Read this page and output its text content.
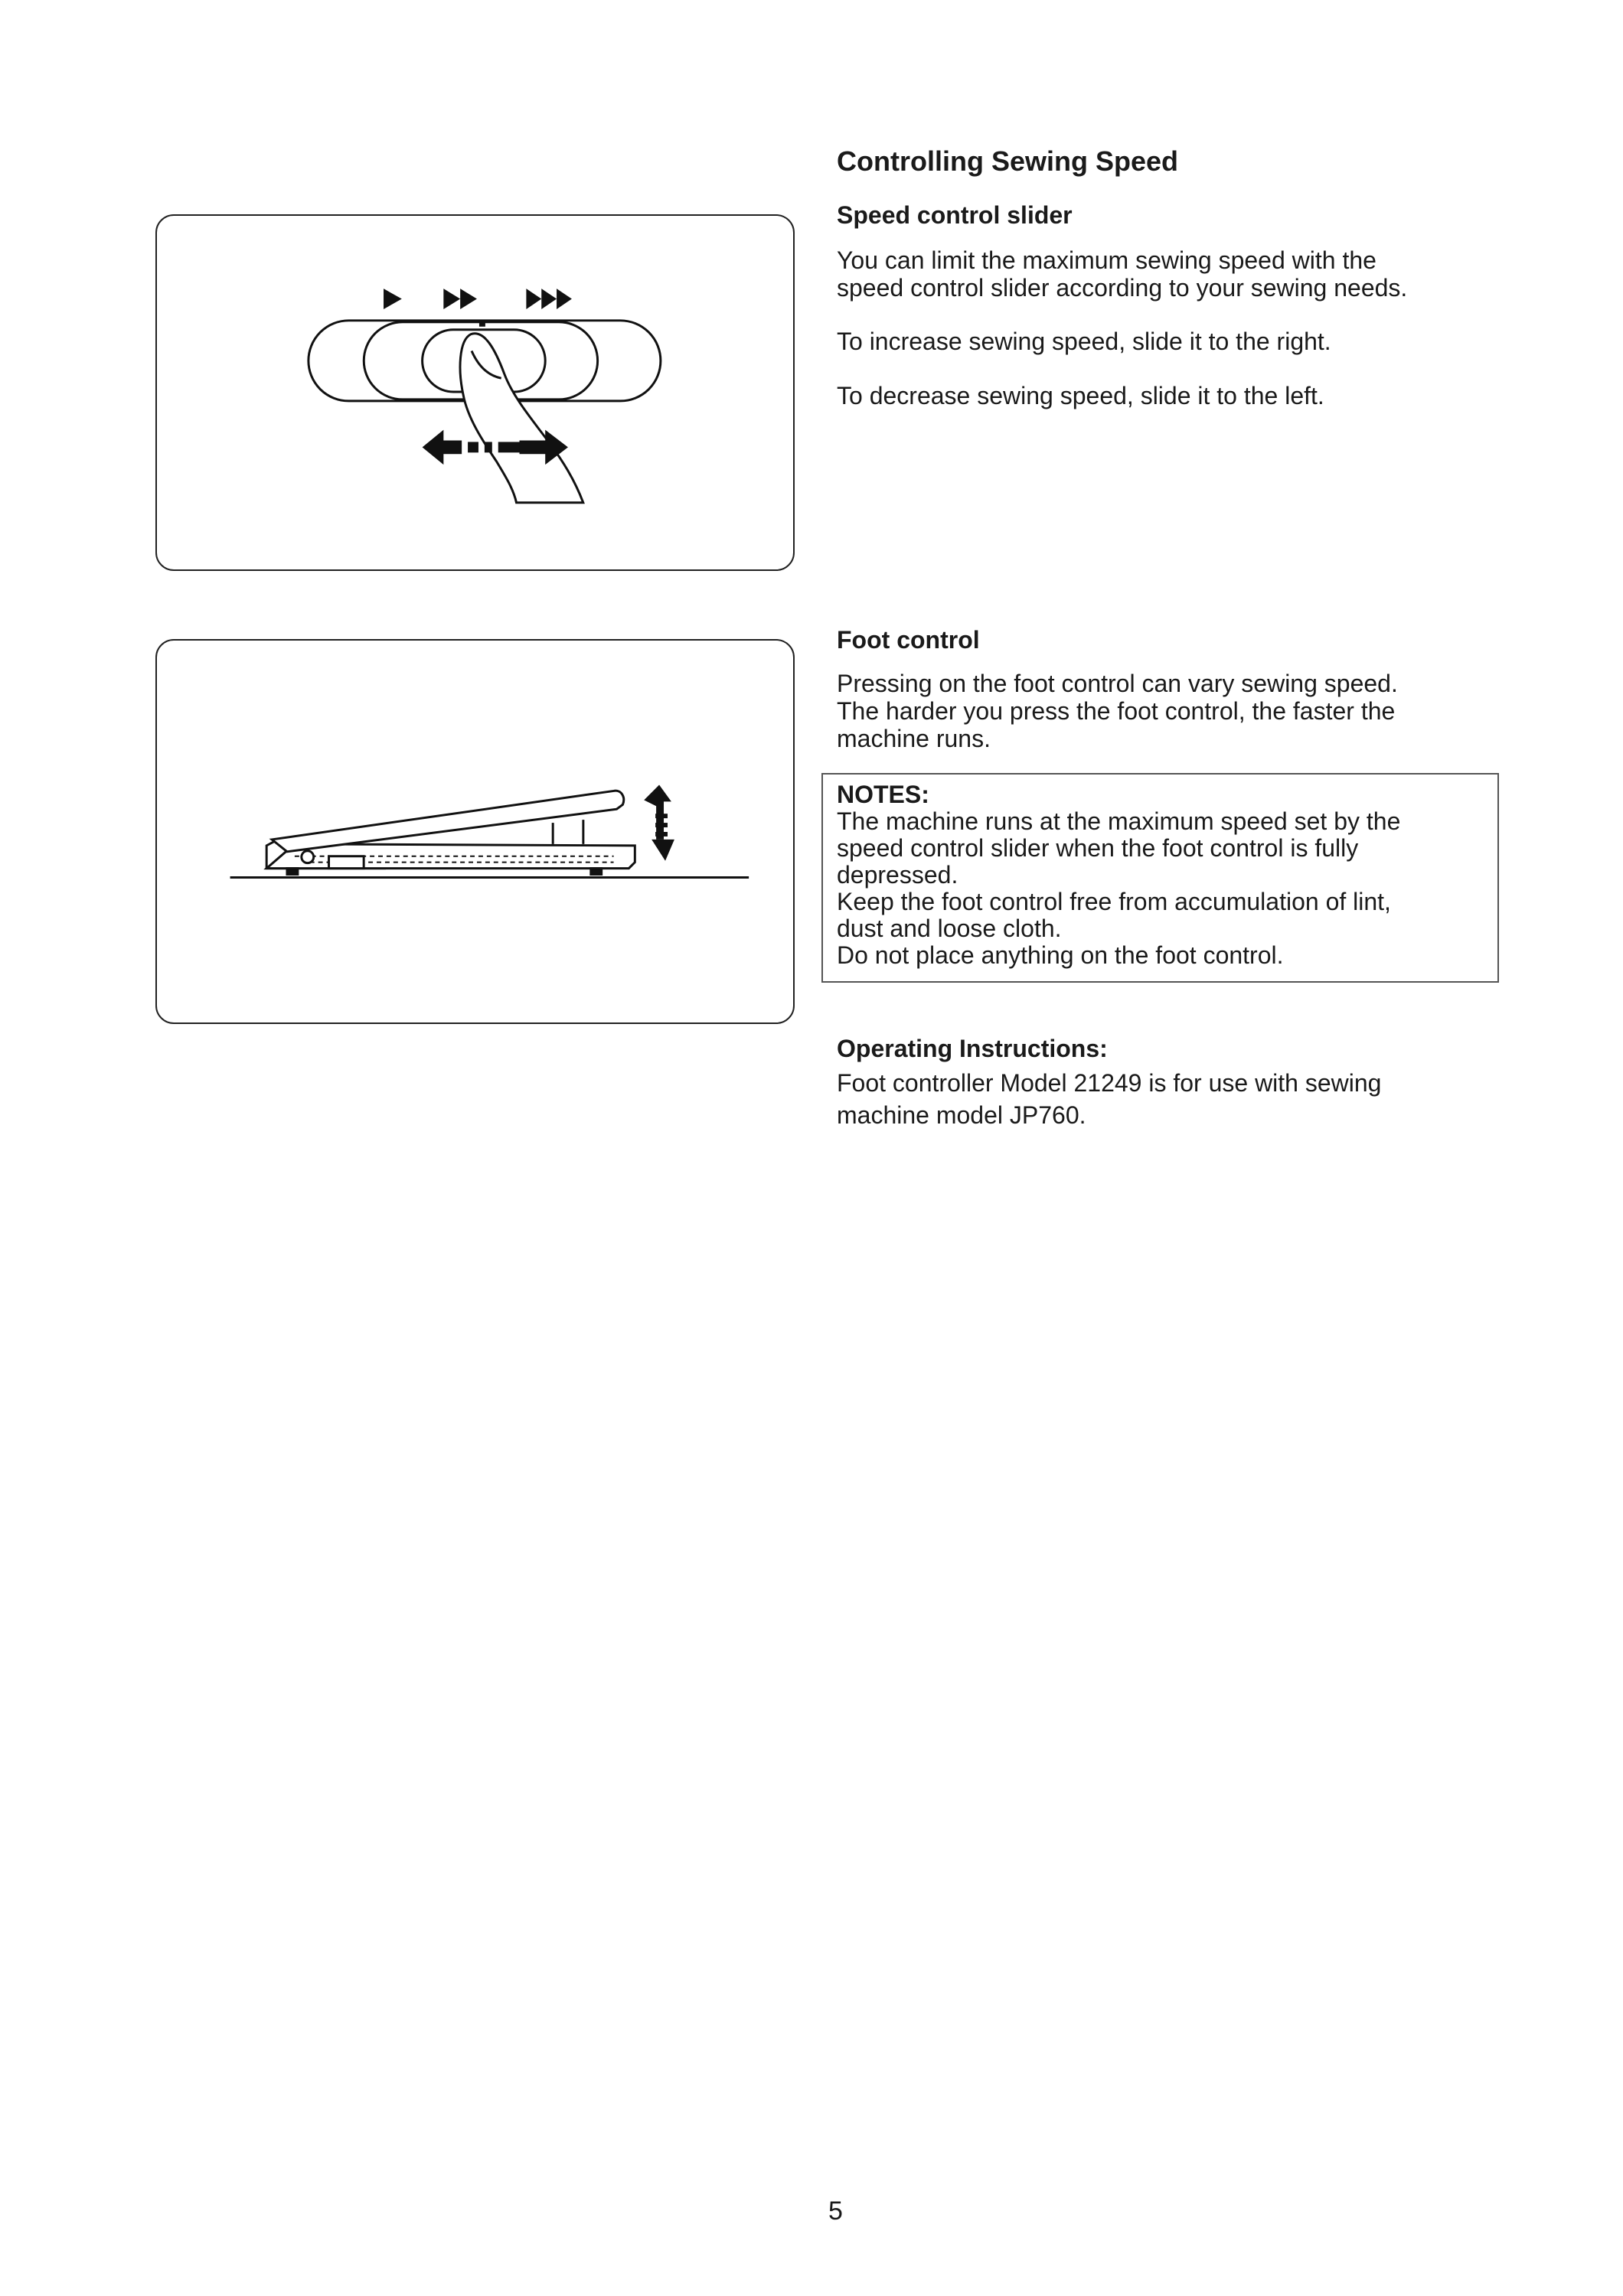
Controlling Sewing Speed
Speed control slider
You can limit the maximum sewing speed with the
speed control slider according to your sewing needs.
To increase sewing speed, slide it to the right.
To decrease sewing speed, slide it to the left.
Foot control
Pressing on the foot control can vary sewing speed.
The harder you press the foot control, the faster the
machine runs.
NOTES:
The machine runs at the maximum speed set by the
speed control slider when the foot control is fully
depressed.
Keep the foot control free from accumulation of lint,
dust and loose cloth.
Do not place anything on the foot control.
Operating Instructions:
Foot controller Model 21249 is for use with sewing
machine model JP760.
5
